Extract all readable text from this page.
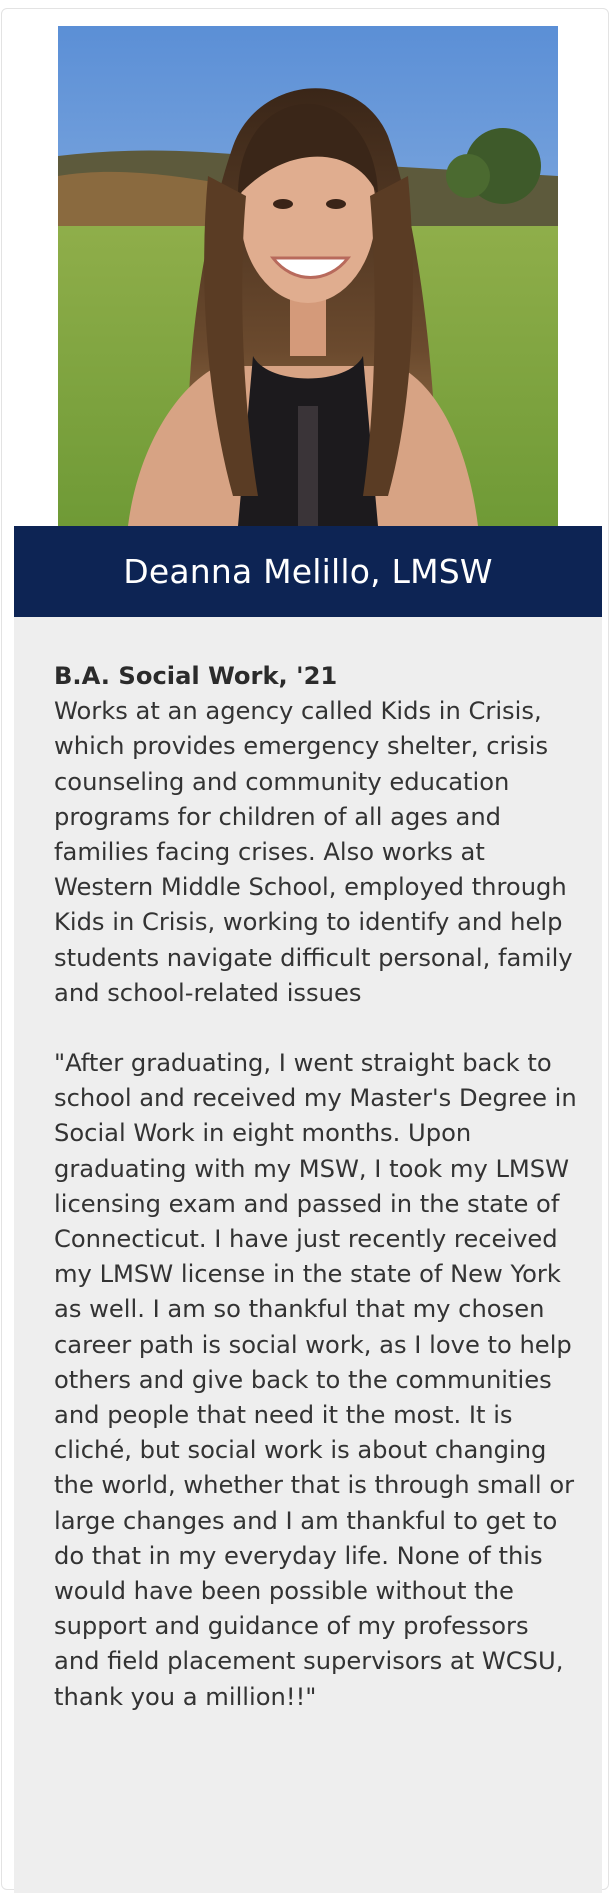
Deanna Melillo, LMSW
B.A. Social Work, '21
Works at an agency called Kids in Crisis, which provides emergency shelter, crisis counseling and community education programs for children of all ages and families facing crises. Also works at Western Middle School, employed through Kids in Crisis, working to identify and help students navigate difficult personal, family and school-related issues
"After graduating, I went straight back to school and received my Master's Degree in Social Work in eight months. Upon graduating with my MSW, I took my LMSW licensing exam and passed in the state of Connecticut. I have just recently received my LMSW license in the state of New York as well. I am so thankful that my chosen career path is social work, as I love to help others and give back to the communities and people that need it the most. It is cliché, but social work is about changing the world, whether that is through small or large changes and I am thankful to get to do that in my everyday life. None of this would have been possible without the support and guidance of my professors and field placement supervisors at WCSU, thank you a million!!"
